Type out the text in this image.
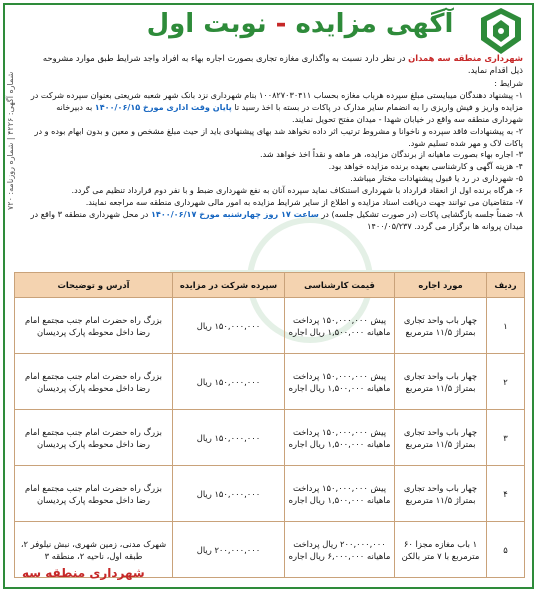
شماره آگهی: ۴۲۲۶ | شماره روزنامه: ۷۲۰
آگهی مزایده - نوبت اول

شهرداری منطقه سه همدان در نظر دارد نسبت به واگذاری مغازه تجاری بصورت اجاره بهاء به افراد واجد شرایط طبق موارد مشروحه ذیل اقدام نماید.

شرایط :

۱- پیشنهاد دهندگان میبایستی مبلغ سپرده هرباب مغازه بحساب ۱۰۰۸۲۷۰۳۰۴۱۱ بنام شهرداری نزد بانک شهر شعبه شریعتی بعنوان سپرده شرکت در مزایده واریز و فیش واریزی را به انضمام سایر مدارک در پاکات در بسته با اخذ رسید تا پایان وقت اداری مورخ ۱۴۰۰/۰۶/۱۵ به دبیرخانه شهرداری منطقه سه واقع در خیابان شهدا - میدان مفتح تحویل نمایند.

۲- به پیشنهادات فاقد سپرده و ناخوانا و مشروط ترتیب اثر داده نخواهد شد بهای پیشنهادی باید از حیث مبلغ مشخص و معین و بدون ابهام بوده و در پاکات لاک و مهر شده تسلیم شود.

۳- اجاره بهاء بصورت ماهیانه از برندگان مزایده، هر ماهه و نقداً اخذ خواهد شد.

۴- هزینه آگهی و کارشناسی بعهده برنده مزایده خواهد بود.

۵- شهرداری در رد یا قبول پیشنهادات مختار میباشد.

۶- هرگاه برنده اول از انعقاد قرارداد با شهرداری استنکاف نماید سپرده آنان به نفع شهرداری ضبط و با نفر دوم قرارداد تنظیم می گردد.

۷- متقاضیان می توانند جهت دریافت اسناد مزایده و اطلاع از سایر شرایط مزایده به امور مالی شهرداری منطقه سه مراجعه نمایند.

۸- ضمناً جلسه بازگشایی پاکات (در صورت تشکیل جلسه) در ساعت ۱۷ روز چهارشنبه مورخ ۱۴۰۰/۰۶/۱۷ در محل شهرداری منطقه ۳ واقع در میدان پروانه ها برگزار می گردد. ۱۴۰۰/۰۵/۲۳۷

ردیف	مورد اجاره	قیمت کارشناسی	سپرده شرکت در مزایده	آدرس و توضیحات
۱	چهار باب واحد تجاری بمتراژ ۱۱/۵ مترمربع	پیش ۱۵۰,۰۰۰,۰۰۰ پرداخت ماهیانه ۱,۵۰۰,۰۰۰ ریال اجاره	۱۵۰,۰۰۰,۰۰۰ ریال	بزرگ راه حضرت امام جنب مجتمع امام رضا داخل محوطه پارک پردیسان
۲	چهار باب واحد تجاری بمتراژ ۱۱/۵ مترمربع	پیش ۱۵۰,۰۰۰,۰۰۰ پرداخت ماهیانه ۱,۵۰۰,۰۰۰ ریال اجاره	۱۵۰,۰۰۰,۰۰۰ ریال	بزرگ راه حضرت امام جنب مجتمع امام رضا داخل محوطه پارک پردیسان
۳	چهار باب واحد تجاری بمتراژ ۱۱/۵ مترمربع	پیش ۱۵۰,۰۰۰,۰۰۰ پرداخت ماهیانه ۱,۵۰۰,۰۰۰ ریال اجاره	۱۵۰,۰۰۰,۰۰۰ ریال	بزرگ راه حضرت امام جنب مجتمع امام رضا داخل محوطه پارک پردیسان
۴	چهار باب واحد تجاری بمتراژ ۱۱/۵ مترمربع	پیش ۱۵۰,۰۰۰,۰۰۰ پرداخت ماهیانه ۱,۵۰۰,۰۰۰ ریال اجاره	۱۵۰,۰۰۰,۰۰۰ ریال	بزرگ راه حضرت امام جنب مجتمع امام رضا داخل محوطه پارک پردیسان
۵	۱ باب مغازه مجزا ۶۰ مترمربع با ۷ متر بالکن	۲۰۰,۰۰۰,۰۰۰ ریال پرداخت ماهیانه ۶,۰۰۰,۰۰۰ ریال اجاره	۲۰۰,۰۰۰,۰۰۰ ریال	شهرک مدنی، زمین شهری، نبش نیلوفر ۲، طبقه اول، ناحیه ۲، منطقه ۳
شهرداری منطقه سه
